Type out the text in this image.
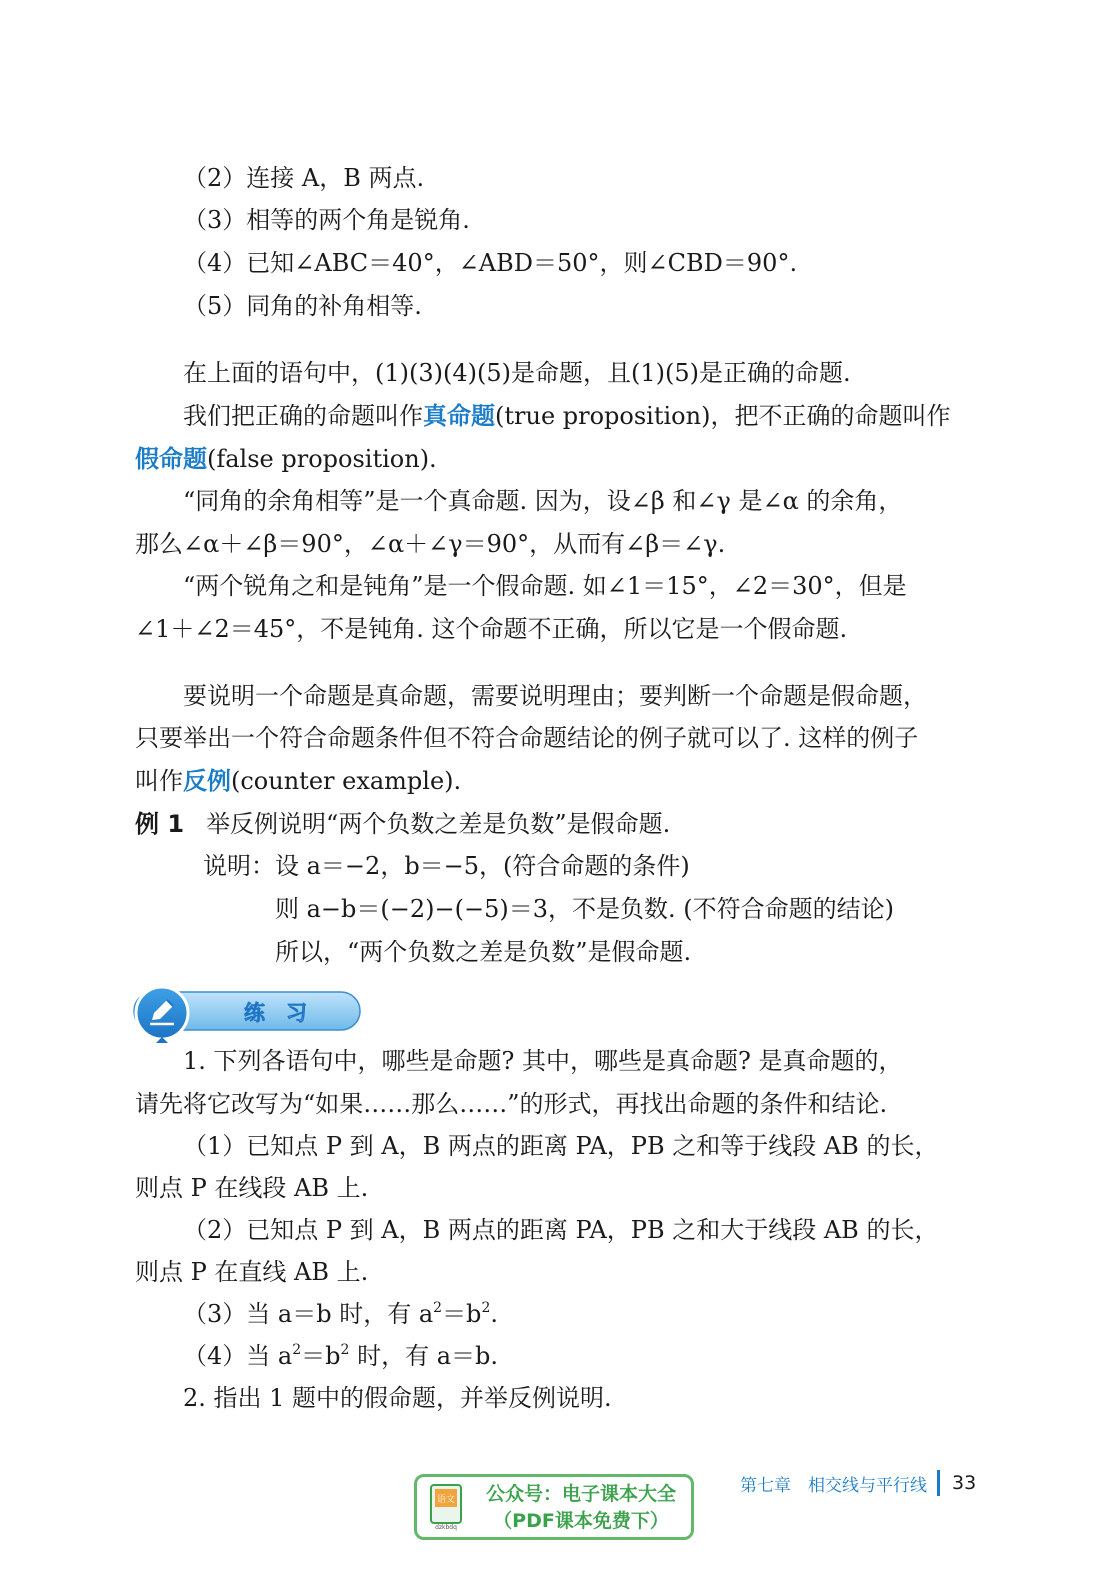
（2）连接 A，B 两点.
（3）相等的两个角是锐角.
（4）已知∠ABC＝40°，∠ABD＝50°，则∠CBD＝90°.
（5）同角的补角相等.
在上面的语句中，(1)(3)(4)(5)是命题，且(1)(5)是正确的命题.
我们把正确的命题叫作真命题(true proposition)，把不正确的命题叫作
假命题(false proposition).
“同角的余角相等”是一个真命题. 因为，设∠β 和∠γ 是∠α 的余角，
那么∠α＋∠β＝90°，∠α＋∠γ＝90°，从而有∠β＝∠γ.
“两个锐角之和是钝角”是一个假命题. 如∠1＝15°，∠2＝30°，但是
∠1＋∠2＝45°，不是钝角. 这个命题不正确，所以它是一个假命题.
要说明一个命题是真命题，需要说明理由；要判断一个命题是假命题，
只要举出一个符合命题条件但不符合命题结论的例子就可以了. 这样的例子
叫作反例(counter example).
例 1 举反例说明“两个负数之差是负数”是假命题.
说明：设 a＝−2，b＝−5，(符合命题的条件)
则 a−b＝(−2)−(−5)＝3，不是负数. (不符合命题的结论)
所以，“两个负数之差是负数”是假命题.
练　习
1. 下列各语句中，哪些是命题? 其中，哪些是真命题? 是真命题的，
请先将它改写为“如果……那么……”的形式，再找出命题的条件和结论.
（1）已知点 P 到 A，B 两点的距离 PA，PB 之和等于线段 AB 的长，
则点 P 在线段 AB 上.
（2）已知点 P 到 A，B 两点的距离 PA，PB 之和大于线段 AB 的长，
则点 P 在直线 AB 上.
（3）当 a＝b 时，有 $a^2=b^2$.
（4）当 $a^2=b^2$ 时，有 a＝b.
2. 指出 1 题中的假命题，并举反例说明.
第七章　相交线与平行线 33
语文
dzkbdq
公众号：电子课本大全
（PDF课本免费下）
